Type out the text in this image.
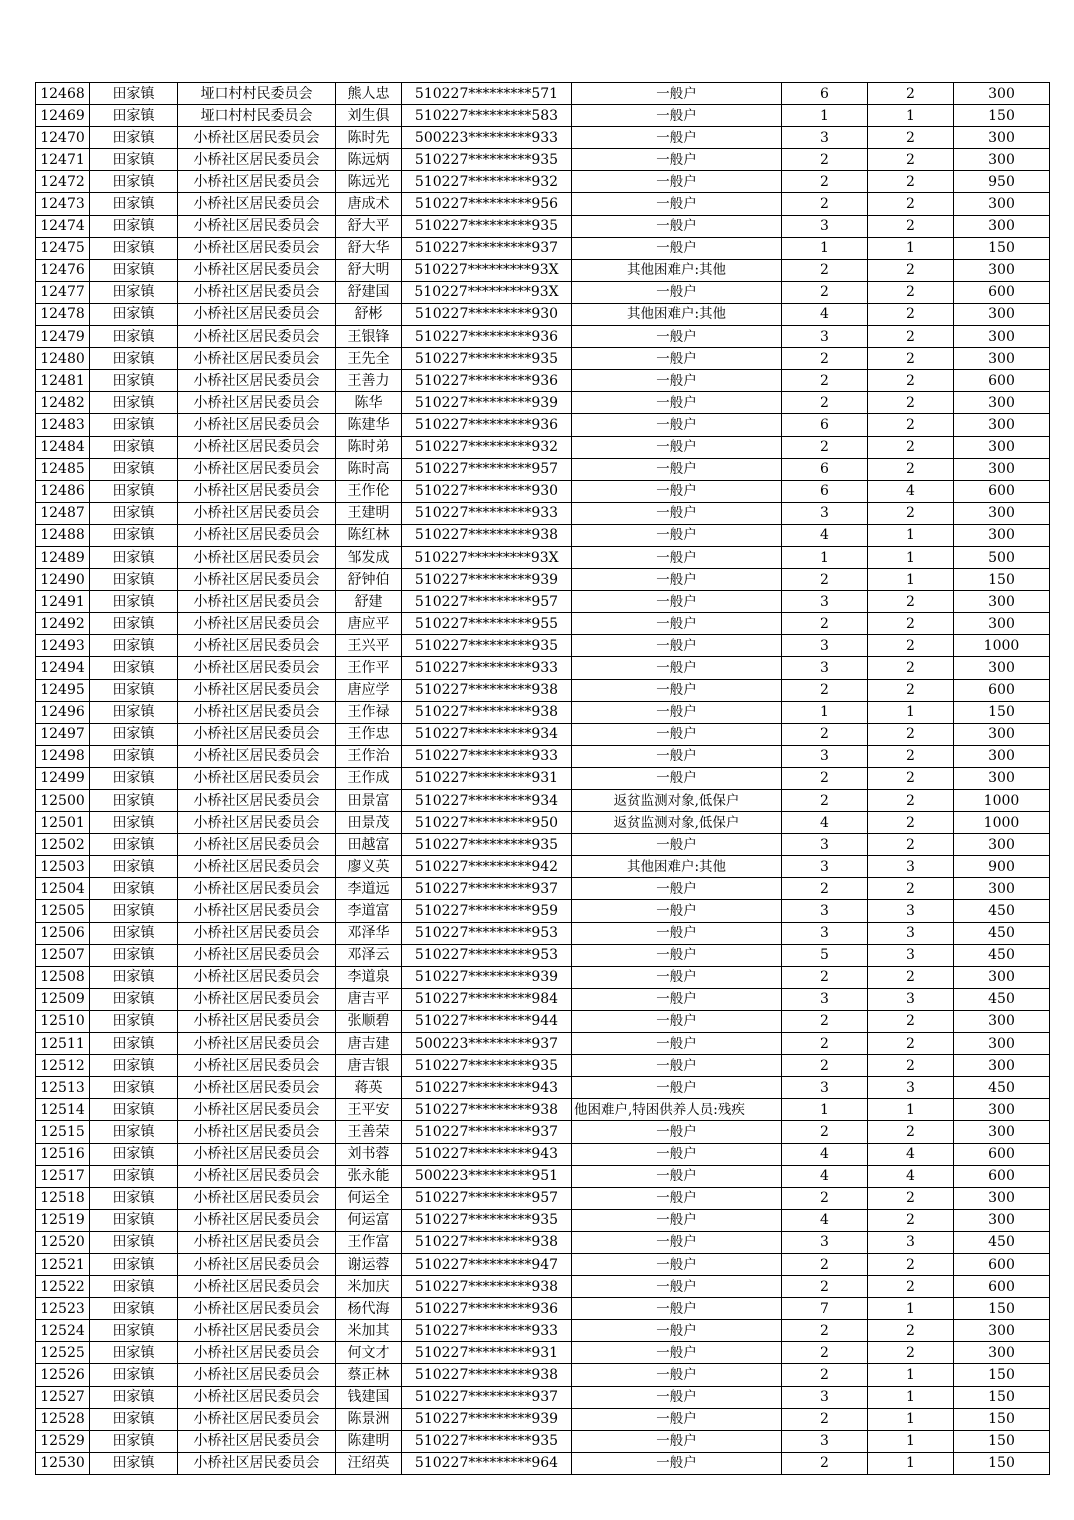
12468	田家镇	垭口村村民委员会	熊人忠	510227*********571	一般户	6	2	300
12469	田家镇	垭口村村民委员会	刘生俱	510227*********583	一般户	1	1	150
12470	田家镇	小桥社区居民委员会	陈时先	500223*********933	一般户	3	2	300
12471	田家镇	小桥社区居民委员会	陈远炳	510227*********935	一般户	2	2	300
12472	田家镇	小桥社区居民委员会	陈远光	510227*********932	一般户	2	2	950
12473	田家镇	小桥社区居民委员会	唐成术	510227*********956	一般户	2	2	300
12474	田家镇	小桥社区居民委员会	舒大平	510227*********935	一般户	3	2	300
12475	田家镇	小桥社区居民委员会	舒大华	510227*********937	一般户	1	1	150
12476	田家镇	小桥社区居民委员会	舒大明	510227*********93X	其他困难户:其他	2	2	300
12477	田家镇	小桥社区居民委员会	舒建国	510227*********93X	一般户	2	2	600
12478	田家镇	小桥社区居民委员会	舒彬	510227*********930	其他困难户:其他	4	2	300
12479	田家镇	小桥社区居民委员会	王银锋	510227*********936	一般户	3	2	300
12480	田家镇	小桥社区居民委员会	王先全	510227*********935	一般户	2	2	300
12481	田家镇	小桥社区居民委员会	王善力	510227*********936	一般户	2	2	600
12482	田家镇	小桥社区居民委员会	陈华	510227*********939	一般户	2	2	300
12483	田家镇	小桥社区居民委员会	陈建华	510227*********936	一般户	6	2	300
12484	田家镇	小桥社区居民委员会	陈时弟	510227*********932	一般户	2	2	300
12485	田家镇	小桥社区居民委员会	陈时高	510227*********957	一般户	6	2	300
12486	田家镇	小桥社区居民委员会	王作伦	510227*********930	一般户	6	4	600
12487	田家镇	小桥社区居民委员会	王建明	510227*********933	一般户	3	2	300
12488	田家镇	小桥社区居民委员会	陈红林	510227*********938	一般户	4	1	300
12489	田家镇	小桥社区居民委员会	邹发成	510227*********93X	一般户	1	1	500
12490	田家镇	小桥社区居民委员会	舒钟伯	510227*********939	一般户	2	1	150
12491	田家镇	小桥社区居民委员会	舒建	510227*********957	一般户	3	2	300
12492	田家镇	小桥社区居民委员会	唐应平	510227*********955	一般户	2	2	300
12493	田家镇	小桥社区居民委员会	王兴平	510227*********935	一般户	3	2	1000
12494	田家镇	小桥社区居民委员会	王作平	510227*********933	一般户	3	2	300
12495	田家镇	小桥社区居民委员会	唐应学	510227*********938	一般户	2	2	600
12496	田家镇	小桥社区居民委员会	王作禄	510227*********938	一般户	1	1	150
12497	田家镇	小桥社区居民委员会	王作忠	510227*********934	一般户	2	2	300
12498	田家镇	小桥社区居民委员会	王作治	510227*********933	一般户	3	2	300
12499	田家镇	小桥社区居民委员会	王作成	510227*********931	一般户	2	2	300
12500	田家镇	小桥社区居民委员会	田景富	510227*********934	返贫监测对象,低保户	2	2	1000
12501	田家镇	小桥社区居民委员会	田景茂	510227*********950	返贫监测对象,低保户	4	2	1000
12502	田家镇	小桥社区居民委员会	田越富	510227*********935	一般户	3	2	300
12503	田家镇	小桥社区居民委员会	廖义英	510227*********942	其他困难户:其他	3	3	900
12504	田家镇	小桥社区居民委员会	李道远	510227*********937	一般户	2	2	300
12505	田家镇	小桥社区居民委员会	李道富	510227*********959	一般户	3	3	450
12506	田家镇	小桥社区居民委员会	邓泽华	510227*********953	一般户	3	3	450
12507	田家镇	小桥社区居民委员会	邓泽云	510227*********953	一般户	5	3	450
12508	田家镇	小桥社区居民委员会	李道泉	510227*********939	一般户	2	2	300
12509	田家镇	小桥社区居民委员会	唐吉平	510227*********984	一般户	3	3	450
12510	田家镇	小桥社区居民委员会	张顺碧	510227*********944	一般户	2	2	300
12511	田家镇	小桥社区居民委员会	唐吉建	500223*********937	一般户	2	2	300
12512	田家镇	小桥社区居民委员会	唐吉银	510227*********935	一般户	2	2	300
12513	田家镇	小桥社区居民委员会	蒋英	510227*********943	一般户	3	3	450
12514	田家镇	小桥社区居民委员会	王平安	510227*********938	他困难户,特困供养人员:残疾	1	1	300
12515	田家镇	小桥社区居民委员会	王善荣	510227*********937	一般户	2	2	300
12516	田家镇	小桥社区居民委员会	刘书蓉	510227*********943	一般户	4	4	600
12517	田家镇	小桥社区居民委员会	张永能	500223*********951	一般户	4	4	600
12518	田家镇	小桥社区居民委员会	何运全	510227*********957	一般户	2	2	300
12519	田家镇	小桥社区居民委员会	何运富	510227*********935	一般户	4	2	300
12520	田家镇	小桥社区居民委员会	王作富	510227*********938	一般户	3	3	450
12521	田家镇	小桥社区居民委员会	谢运蓉	510227*********947	一般户	2	2	600
12522	田家镇	小桥社区居民委员会	米加庆	510227*********938	一般户	2	2	600
12523	田家镇	小桥社区居民委员会	杨代海	510227*********936	一般户	7	1	150
12524	田家镇	小桥社区居民委员会	米加其	510227*********933	一般户	2	2	300
12525	田家镇	小桥社区居民委员会	何文才	510227*********931	一般户	2	2	300
12526	田家镇	小桥社区居民委员会	蔡正林	510227*********938	一般户	2	1	150
12527	田家镇	小桥社区居民委员会	钱建国	510227*********937	一般户	3	1	150
12528	田家镇	小桥社区居民委员会	陈景洲	510227*********939	一般户	2	1	150
12529	田家镇	小桥社区居民委员会	陈建明	510227*********935	一般户	3	1	150
12530	田家镇	小桥社区居民委员会	汪绍英	510227*********964	一般户	2	1	150
